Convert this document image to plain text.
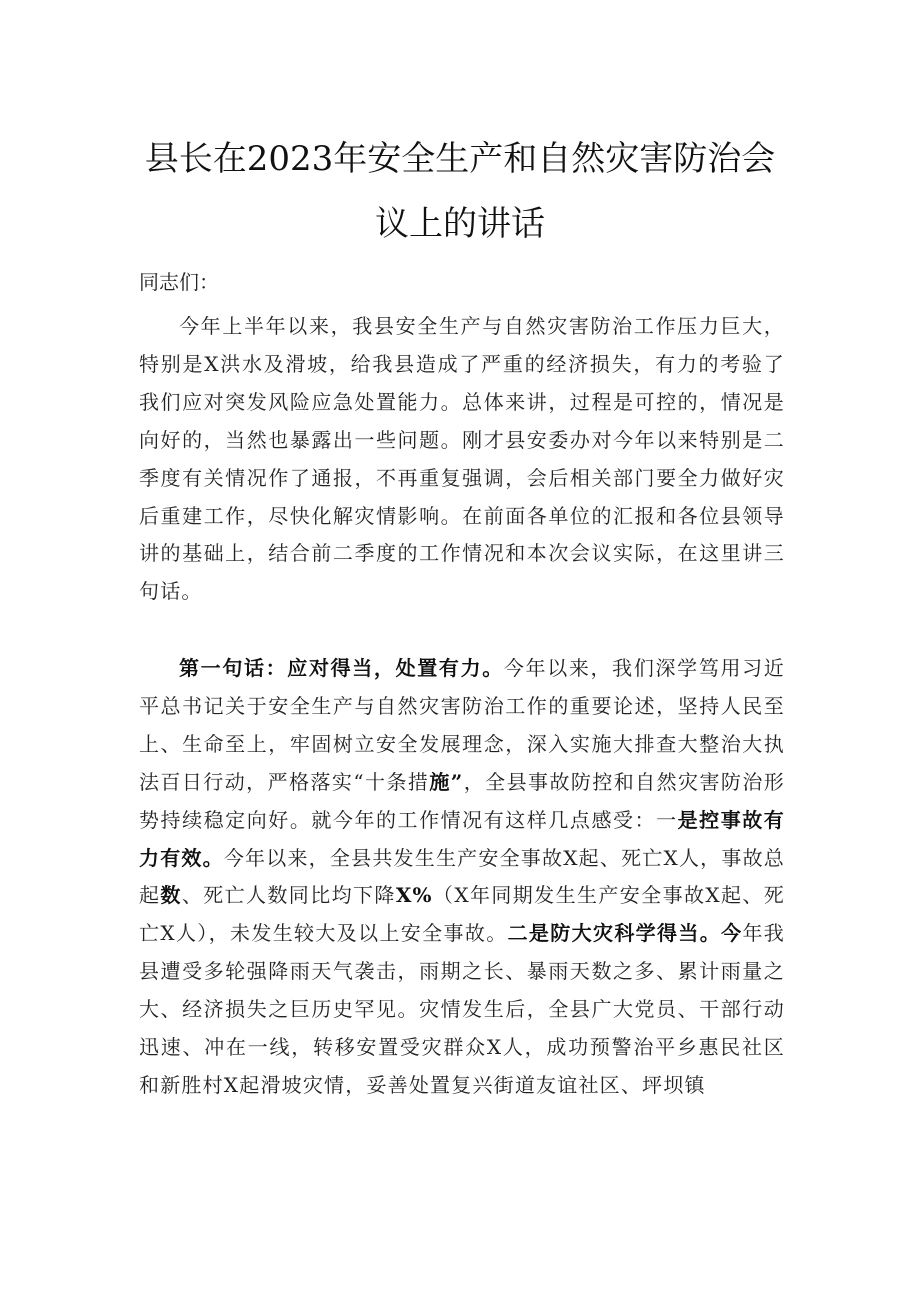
县长在2023年安全生产和自然灾害防治会
议上的讲话
同志们：
今年上半年以来，我县安全生产与自然灾害防治工作压力巨大，特别是X洪水及滑坡，给我县造成了严重的经济损失，有力的考验了我们应对突发风险应急处置能力。总体来讲，过程是可控的，情况是向好的，当然也暴露出一些问题。刚才县安委办对今年以来特别是二季度有关情况作了通报，不再重复强调，会后相关部门要全力做好灾后重建工作，尽快化解灾情影响。在前面各单位的汇报和各位县领导讲的基础上，结合前二季度的工作情况和本次会议实际，在这里讲三句话。
第一句话：应对得当，处置有力。今年以来，我们深学笃用习近平总书记关于安全生产与自然灾害防治工作的重要论述，坚持人民至上、生命至上，牢固树立安全发展理念，深入实施大排查大整治大执法百日行动，严格落实“十条措施”，全县事故防控和自然灾害防治形势持续稳定向好。就今年的工作情况有这样几点感受：一是控事故有力有效。今年以来，全县共发生生产安全事故X起、死亡X人，事故总起数、死亡人数同比均下降X%（X年同期发生生产安全事故X起、死亡X人），未发生较大及以上安全事故。二是防大灾科学得当。今年我县遭受多轮强降雨天气袭击，雨期之长、暴雨天数之多、累计雨量之大、经济损失之巨历史罕见。灾情发生后，全县广大党员、干部行动迅速、冲在一线，转移安置受灾群众X人，成功预警治平乡惠民社区和新胜村X起滑坡灾情，妥善处置复兴街道友谊社区、坪坝镇
